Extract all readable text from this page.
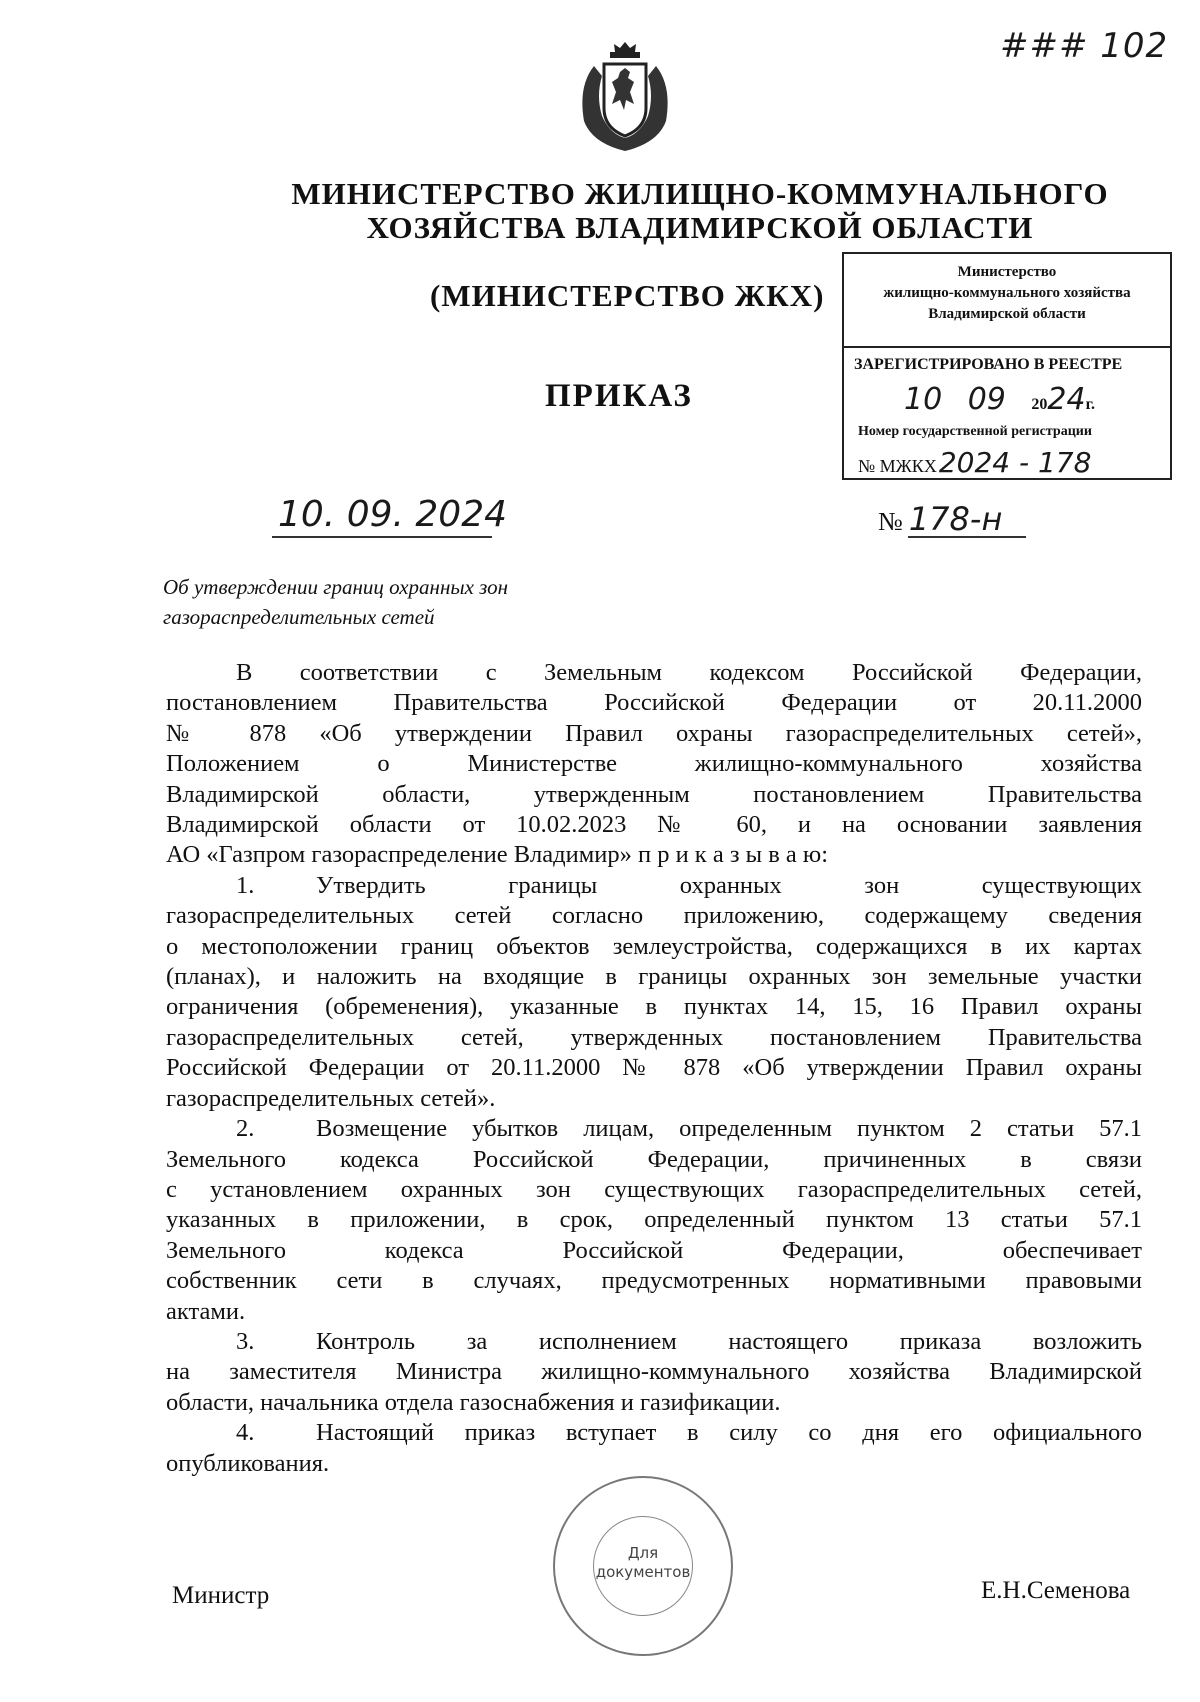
### 102
МИНИСТЕРСТВО ЖИЛИЩНО-КОММУНАЛЬНОГО
ХОЗЯЙСТВА ВЛАДИМИРСКОЙ ОБЛАСТИ
(МИНИСТЕРСТВО ЖКХ)
ПРИКАЗ
Министерство
жилищно-коммунального хозяйства
Владимирской области
ЗАРЕГИСТРИРОВАНО В РЕЕСТРЕ
10 09 2024г.
Номер государственной регистрации
№ МЖКХ2024 - 178
10. 09. 2024	№ 178-н
Об утверждении границ охранных зон
газораспределительных сетей

В соответствии с Земельным кодексом Российской Федерации,

постановлением Правительства Российской Федерации от 20.11.2000

№ 878 «Об утверждении Правил охраны газораспределительных сетей»,

Положением о Министерстве жилищно-коммунального хозяйства

Владимирской области, утвержденным постановлением Правительства

Владимирской области от 10.02.2023 № 60, и на основании заявления

АО «Газпром газораспределение Владимир» п р и к а з ы в а ю:

1.	Утвердить границы охранных зон существующих

газораспределительных сетей согласно приложению, содержащему сведения

о местоположении границ объектов землеустройства, содержащихся в их картах

(планах), и наложить на входящие в границы охранных зон земельные участки

ограничения (обременения), указанные в пунктах 14, 15, 16 Правил охраны

газораспределительных сетей, утвержденных постановлением Правительства

Российской Федерации от 20.11.2000 № 878 «Об утверждении Правил охраны

газораспределительных сетей».

2.	Возмещение убытков лицам, определенным пунктом 2 статьи 57.1

Земельного кодекса Российской Федерации, причиненных в связи

с установлением охранных зон существующих газораспределительных сетей,

указанных в приложении, в срок, определенный пунктом 13 статьи 57.1

Земельного кодекса Российской Федерации, обеспечивает

собственник сети в случаях, предусмотренных нормативными правовыми

актами.

3.	Контроль за исполнением настоящего приказа возложить

на заместителя Министра жилищно-коммунального хозяйства Владимирской

области, начальника отдела газоснабжения и газификации.

4.	Настоящий приказ вступает в силу со дня его официального

опубликования.

Для
документов
Министр	Е.Н.Семенова
